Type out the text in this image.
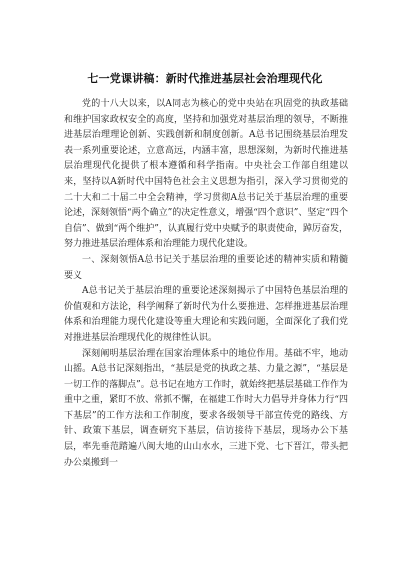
七一党课讲稿：新时代推进基层社会治理现代化

党的十八大以来，以A同志为核心的党中央站在巩固党的执政基础和维护国家政权安全的高度，坚持和加强党对基层治理的领导，不断推进基层治理理论创新、实践创新和制度创新。A总书记围绕基层治理发表一系列重要论述，立意高远，内涵丰富，思想深刻，为新时代推进基层治理现代化提供了根本遵循和科学指南。中央社会工作部自组建以来，坚持以A新时代中国特色社会主义思想为指引，深入学习贯彻党的二十大和二十届二中全会精神，学习贯彻A总书记关于基层治理的重要论述，深刻领悟“两个确立”的决定性意义，增强“四个意识”、坚定“四个自信”、做到“两个维护”，认真履行党中央赋予的职责使命，踔厉奋发，努力推进基层治理体系和治理能力现代化建设。

一、深刻领悟A总书记关于基层治理的重要论述的精神实质和精髓要义

A总书记关于基层治理的重要论述深刻揭示了中国特色基层治理的价值观和方法论，科学阐释了新时代为什么要推进、怎样推进基层治理体系和治理能力现代化建设等重大理论和实践问题，全面深化了我们党对推进基层治理现代化的规律性认识。

深刻阐明基层治理在国家治理体系中的地位作用。基础不牢，地动山摇。A总书记深刻指出，“基层是党的执政之基、力量之源”，“基层是一切工作的落脚点”。总书记在地方工作时，就始终把基层基础工作作为重中之重，紧盯不放、常抓不懈，在福建工作时大力倡导并身体力行“四下基层”的工作方法和工作制度，要求各级领导干部宣传党的路线、方针、政策下基层，调查研究下基层，信访接待下基层，现场办公下基层，率先垂范踏遍八闽大地的山山水水，三进下党、七下晋江，带头把办公桌搬到一
